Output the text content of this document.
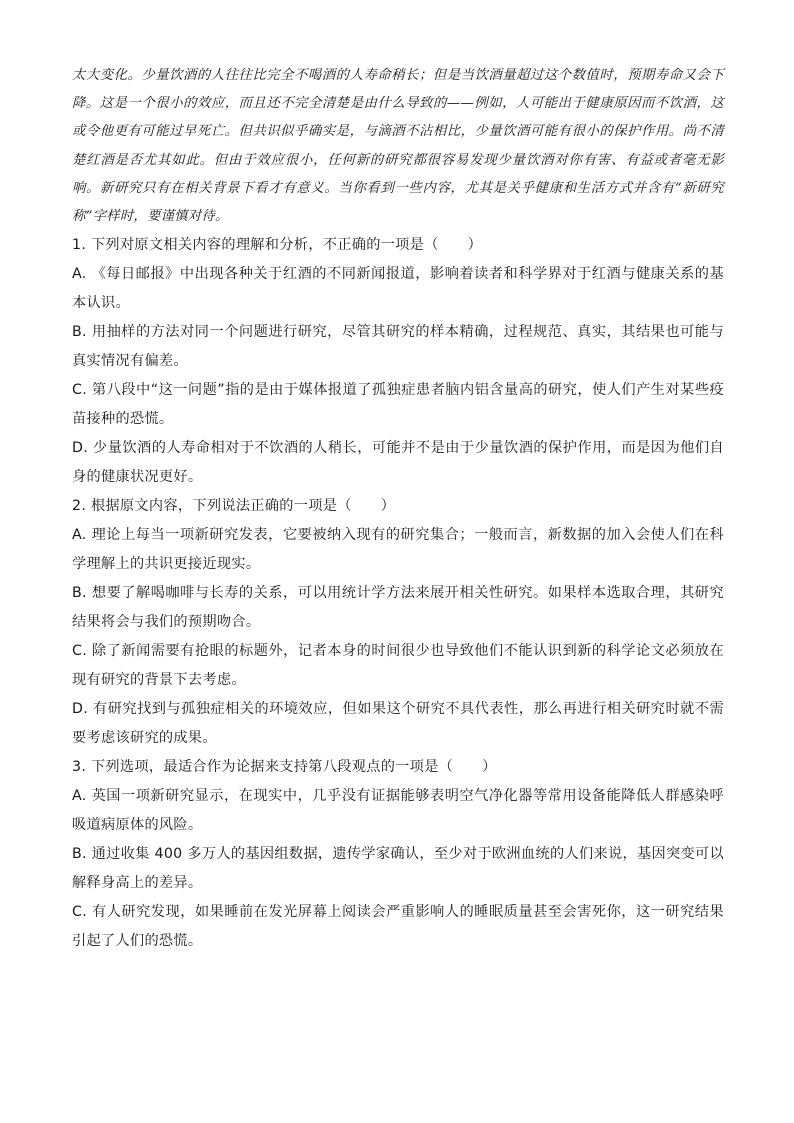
太大变化。少量饮酒的人往往比完全不喝酒的人寿命稍长；但是当饮酒量超过这个数值时，预期寿命又会下降。这是一个很小的效应，而且还不完全清楚是由什么导致的——例如，人可能出于健康原因而不饮酒，这或令他更有可能过早死亡。但共识似乎确实是，与滴酒不沾相比，少量饮酒可能有很小的保护作用。尚不清楚红酒是否尤其如此。但由于效应很小，任何新的研究都很容易发现少量饮酒对你有害、有益或者毫无影响。新研究只有在相关背景下看才有意义。当你看到一些内容，尤其是关乎健康和生活方式并含有“新研究称”字样时，要谨慎对待。

1. 下列对原文相关内容的理解和分析，不正确的一项是（　　）

A. 《每日邮报》中出现各种关于红酒的不同新闻报道，影响着读者和科学界对于红酒与健康关系的基本认识。

B. 用抽样的方法对同一个问题进行研究，尽管其研究的样本精确，过程规范、真实，其结果也可能与真实情况有偏差。

C. 第八段中“这一问题”指的是由于媒体报道了孤独症患者脑内铝含量高的研究，使人们产生对某些疫苗接种的恐慌。

D. 少量饮酒的人寿命相对于不饮酒的人稍长，可能并不是由于少量饮酒的保护作用，而是因为他们自身的健康状况更好。

2. 根据原文内容，下列说法正确的一项是（　　）

A. 理论上每当一项新研究发表，它要被纳入现有的研究集合；一般而言，新数据的加入会使人们在科学理解上的共识更接近现实。

B. 想要了解喝咖啡与长寿的关系，可以用统计学方法来展开相关性研究。如果样本选取合理，其研究结果将会与我们的预期吻合。

C. 除了新闻需要有抢眼的标题外，记者本身的时间很少也导致他们不能认识到新的科学论文必须放在现有研究的背景下去考虑。

D. 有研究找到与孤独症相关的环境效应，但如果这个研究不具代表性，那么再进行相关研究时就不需要考虑该研究的成果。

3. 下列选项，最适合作为论据来支持第八段观点的一项是（　　）

A. 英国一项新研究显示，在现实中，几乎没有证据能够表明空气净化器等常用设备能降低人群感染呼吸道病原体的风险。

B. 通过收集 400 多万人的基因组数据，遗传学家确认，至少对于欧洲血统的人们来说，基因突变可以解释身高上的差异。

C. 有人研究发现，如果睡前在发光屏幕上阅读会严重影响人的睡眠质量甚至会害死你，这一研究结果引起了人们的恐慌。
